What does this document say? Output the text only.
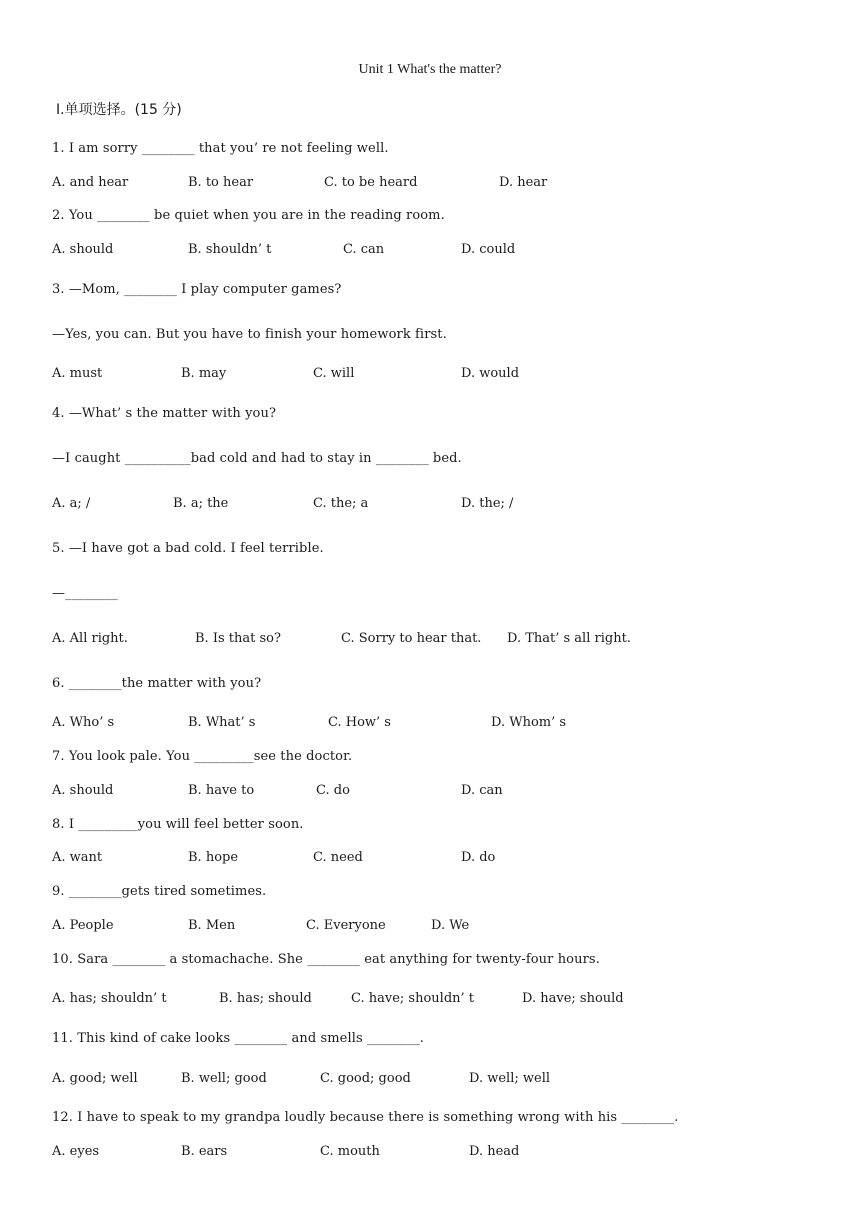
Unit 1 What's the matter?
Ⅰ.单项选择。(15 分)
1. I am sorry ________ that you’ re not feeling well.
A. and hear	B. to hear	C. to be heard	D. hear
2. You ________ be quiet when you are in the reading room.
A. should	B. shouldn’ t	C. can	D. could
3. —Mom, ________ I play computer games?
—Yes, you can. But you have to finish your homework first.
A. must	B. may	C. will	D. would
4. —What’ s the matter with you?
—I caught __________bad cold and had to stay in ________ bed.
A. a; /	B. a; the	C. the; a	D. the; /
5. —I have got a bad cold. I feel terrible.
—________
A. All right.	B. Is that so?	C. Sorry to hear that. D. That’ s all right.
6. ________the matter with you?
A. Who’ s	B. What’ s	C. How’ s	D. Whom’ s
7. You look pale. You _________see the doctor.
A. should	B. have to	C. do	D. can
8. I _________you will feel better soon.
A. want	B. hope	C. need	D. do
9. ________gets tired sometimes.
A. People	B. Men	C. Everyone	D. We
10. Sara ________ a stomachache. She ________ eat anything for twenty-four hours.
A. has; shouldn’ t	B. has; should	C. have; shouldn’ t	D. have; should
11. This kind of cake looks ________ and smells ________.
A. good; well	B. well; good	C. good; good	D. well; well
12. I have to speak to my grandpa loudly because there is something wrong with his ________.
A. eyes	B. ears	C. mouth	D. head
